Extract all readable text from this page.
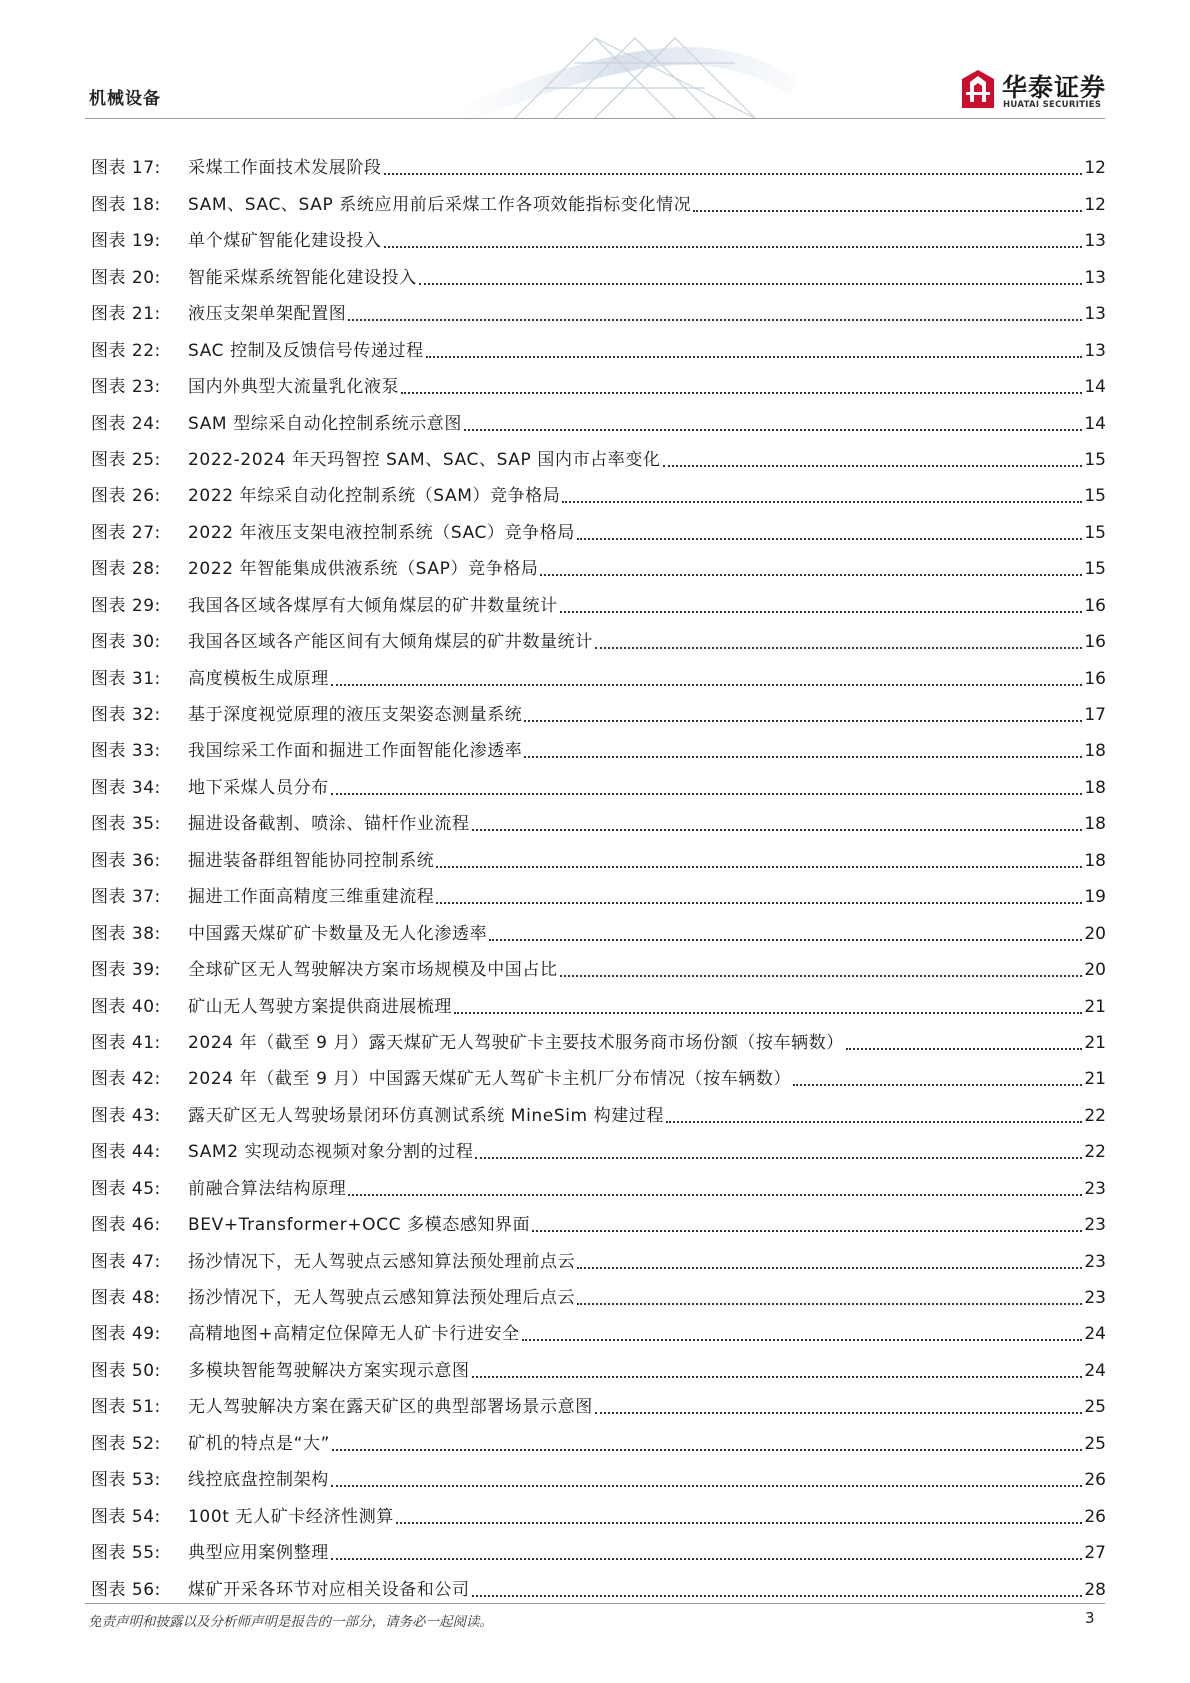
机械设备	华泰证券
HUATAI SECURITIES
图表 17:	采煤工作面技术发展阶段	12
图表 18:	SAM、SAC、SAP 系统应用前后采煤工作各项效能指标变化情况	12
图表 19:	单个煤矿智能化建设投入	13
图表 20:	智能采煤系统智能化建设投入	13
图表 21:	液压支架单架配置图	13
图表 22:	SAC 控制及反馈信号传递过程	13
图表 23:	国内外典型大流量乳化液泵	14
图表 24:	SAM 型综采自动化控制系统示意图	14
图表 25:	2022-2024 年天玛智控 SAM、SAC、SAP 国内市占率变化	15
图表 26:	2022 年综采自动化控制系统（SAM）竞争格局	15
图表 27:	2022 年液压支架电液控制系统（SAC）竞争格局	15
图表 28:	2022 年智能集成供液系统（SAP）竞争格局	15
图表 29:	我国各区域各煤厚有大倾角煤层的矿井数量统计	16
图表 30:	我国各区域各产能区间有大倾角煤层的矿井数量统计	16
图表 31:	高度模板生成原理	16
图表 32:	基于深度视觉原理的液压支架姿态测量系统	17
图表 33:	我国综采工作面和掘进工作面智能化渗透率	18
图表 34:	地下采煤人员分布	18
图表 35:	掘进设备截割、喷涂、锚杆作业流程	18
图表 36:	掘进装备群组智能协同控制系统	18
图表 37:	掘进工作面高精度三维重建流程	19
图表 38:	中国露天煤矿矿卡数量及无人化渗透率	20
图表 39:	全球矿区无人驾驶解决方案市场规模及中国占比	20
图表 40:	矿山无人驾驶方案提供商进展梳理	21
图表 41:	2024 年（截至 9 月）露天煤矿无人驾驶矿卡主要技术服务商市场份额（按车辆数）	21
图表 42:	2024 年（截至 9 月）中国露天煤矿无人驾矿卡主机厂分布情况（按车辆数）	21
图表 43:	露天矿区无人驾驶场景闭环仿真测试系统 MineSim 构建过程	22
图表 44:	SAM2 实现动态视频对象分割的过程	22
图表 45:	前融合算法结构原理	23
图表 46:	BEV+Transformer+OCC 多模态感知界面	23
图表 47:	扬沙情况下，无人驾驶点云感知算法预处理前点云	23
图表 48:	扬沙情况下，无人驾驶点云感知算法预处理后点云	23
图表 49:	高精地图+高精定位保障无人矿卡行进安全	24
图表 50:	多模块智能驾驶解决方案实现示意图	24
图表 51:	无人驾驶解决方案在露天矿区的典型部署场景示意图	25
图表 52:	矿机的特点是“大”	25
图表 53:	线控底盘控制架构	26
图表 54:	100t 无人矿卡经济性测算	26
图表 55:	典型应用案例整理	27
图表 56:	煤矿开采各环节对应相关设备和公司	28
免责声明和披露以及分析师声明是报告的一部分，请务必一起阅读。	3
